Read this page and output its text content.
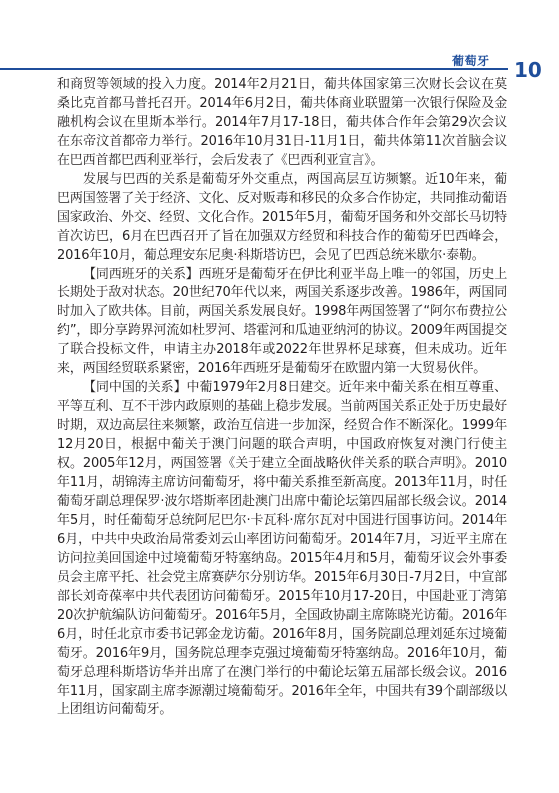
葡萄牙 10

和商贸等领域的投入力度。2014年2月21日，葡共体国家第三次财长会议在莫桑比克首都马普托召开。2014年6月2日，葡共体商业联盟第一次银行保险及金融机构会议在里斯本举行。2014年7月17-18日，葡共体合作年会第29次会议在东帝汶首都帝力举行。2016年10月31日-11月1日，葡共体第11次首脑会议在巴西首都巴西利亚举行，会后发表了《巴西利亚宣言》。

发展与巴西的关系是葡萄牙外交重点，两国高层互访频繁。近10年来，葡巴两国签署了关于经济、文化、反对贩毒和移民的众多合作协定，共同推动葡语国家政治、外交、经贸、文化合作。2015年5月，葡萄牙国务和外交部长马切特首次访巴，6月在巴西召开了旨在加强双方经贸和科技合作的葡萄牙巴西峰会，2016年10月，葡总理安东尼奥·科斯塔访巴，会见了巴西总统米歇尔·泰勒。

【同西班牙的关系】西班牙是葡萄牙在伊比利亚半岛上唯一的邻国，历史上长期处于敌对状态。20世纪70年代以来，两国关系逐步改善。1986年，两国同时加入了欧共体。目前，两国关系发展良好。1998年两国签署了“阿尔布费拉公约”，即分享跨界河流如杜罗河、塔霍河和瓜迪亚纳河的协议。2009年两国提交了联合投标文件，申请主办2018年或2022年世界杯足球赛，但未成功。近年来，两国经贸联系紧密，2016年西班牙是葡萄牙在欧盟内第一大贸易伙伴。

【同中国的关系】中葡1979年2月8日建交。近年来中葡关系在相互尊重、平等互利、互不干涉内政原则的基础上稳步发展。当前两国关系正处于历史最好时期，双边高层往来频繁，政治互信进一步加深，经贸合作不断深化。1999年12月20日，根据中葡关于澳门问题的联合声明，中国政府恢复对澳门行使主权。2005年12月，两国签署《关于建立全面战略伙伴关系的联合声明》。2010年11月，胡锦涛主席访问葡萄牙，将中葡关系推至新高度。2013年11月，时任葡萄牙副总理保罗·波尔塔斯率团赴澳门出席中葡论坛第四届部长级会议。2014年5月，时任葡萄牙总统阿尼巴尔·卡瓦科·席尔瓦对中国进行国事访问。2014年6月，中共中央政治局常委刘云山率团访问葡萄牙。2014年7月，习近平主席在访问拉美回国途中过境葡萄牙特塞纳岛。2015年4月和5月，葡萄牙议会外事委员会主席平托、社会党主席赛萨尔分别访华。2015年6月30日-7月2日，中宣部部长刘奇葆率中共代表团访问葡萄牙。2015年10月17-20日，中国赴亚丁湾第20次护航编队访问葡萄牙。2016年5月，全国政协副主席陈晓光访葡。2016年6月，时任北京市委书记郭金龙访葡。2016年8月，国务院副总理刘延东过境葡萄牙。2016年9月，国务院总理李克强过境葡萄牙特塞纳岛。2016年10月，葡萄牙总理科斯塔访华并出席了在澳门举行的中葡论坛第五届部长级会议。2016年11月，国家副主席李源潮过境葡萄牙。2016年全年，中国共有39个副部级以上团组访问葡萄牙。
